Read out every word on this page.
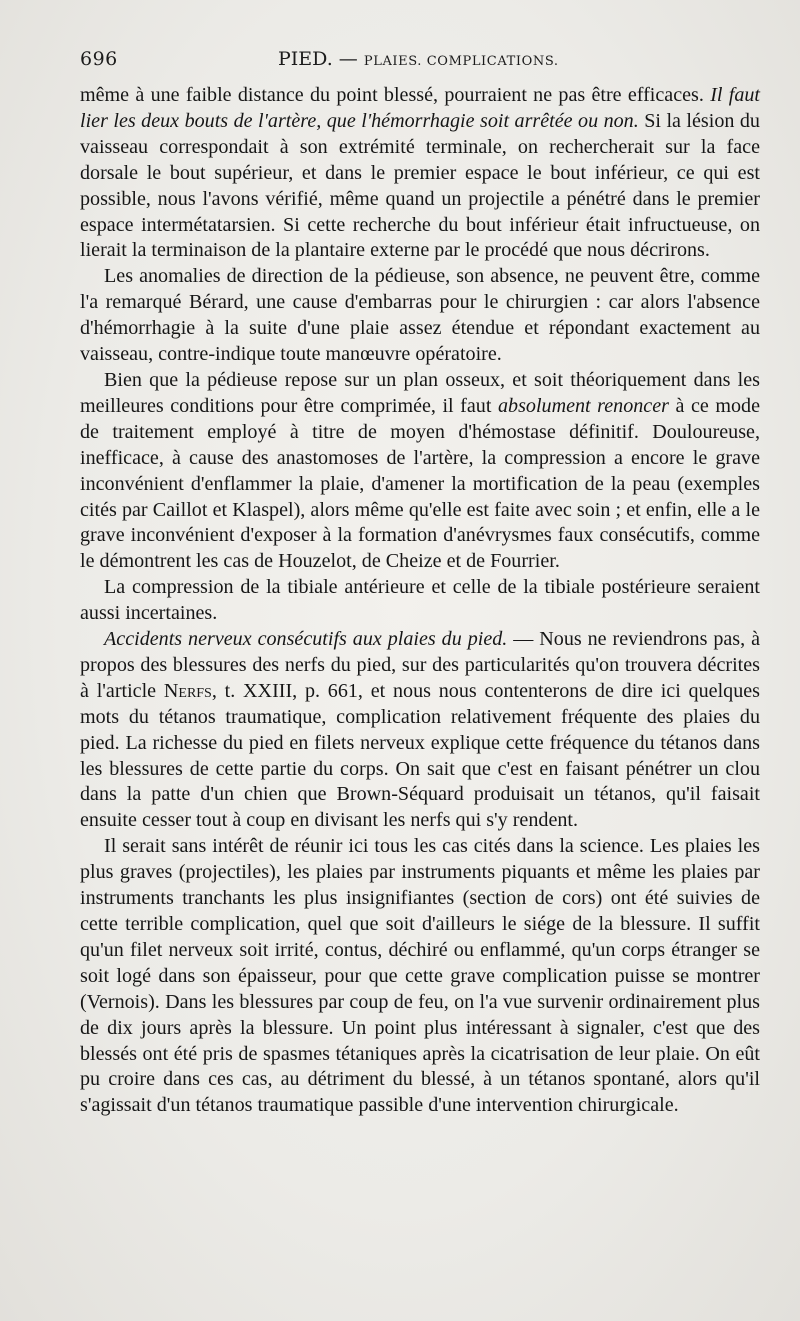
696	PIED. — PLAIES. COMPLICATIONS.

même à une faible distance du point blessé, pourraient ne pas être efficaces. Il faut lier les deux bouts de l'artère, que l'hémorrhagie soit arrêtée ou non. Si la lésion du vaisseau correspondait à son extrémité terminale, on rechercherait sur la face dorsale le bout supérieur, et dans le premier espace le bout inférieur, ce qui est possible, nous l'avons vérifié, même quand un projectile a pénétré dans le premier espace intermétatarsien. Si cette recherche du bout inférieur était infructueuse, on lierait la terminaison de la plantaire externe par le procédé que nous décrirons.

Les anomalies de direction de la pédieuse, son absence, ne peuvent être, comme l'a remarqué Bérard, une cause d'embarras pour le chirurgien : car alors l'absence d'hémorrhagie à la suite d'une plaie assez étendue et répondant exactement au vaisseau, contre-indique toute manœuvre opératoire.

Bien que la pédieuse repose sur un plan osseux, et soit théoriquement dans les meilleures conditions pour être comprimée, il faut absolument renoncer à ce mode de traitement employé à titre de moyen d'hémostase définitif. Douloureuse, inefficace, à cause des anastomoses de l'artère, la compression a encore le grave inconvénient d'enflammer la plaie, d'amener la mortification de la peau (exemples cités par Caillot et Klaspel), alors même qu'elle est faite avec soin ; et enfin, elle a le grave inconvénient d'exposer à la formation d'anévrysmes faux consécutifs, comme le démontrent les cas de Houzelot, de Cheize et de Fourrier.

La compression de la tibiale antérieure et celle de la tibiale postérieure seraient aussi incertaines.

Accidents nerveux consécutifs aux plaies du pied. — Nous ne reviendrons pas, à propos des blessures des nerfs du pied, sur des particularités qu'on trouvera décrites à l'article Nerfs, t. XXIII, p. 661, et nous nous contenterons de dire ici quelques mots du tétanos traumatique, complication relativement fréquente des plaies du pied. La richesse du pied en filets nerveux explique cette fréquence du tétanos dans les blessures de cette partie du corps. On sait que c'est en faisant pénétrer un clou dans la patte d'un chien que Brown-Séquard produisait un tétanos, qu'il faisait ensuite cesser tout à coup en divisant les nerfs qui s'y rendent.

Il serait sans intérêt de réunir ici tous les cas cités dans la science. Les plaies les plus graves (projectiles), les plaies par instruments piquants et même les plaies par instruments tranchants les plus insignifiantes (section de cors) ont été suivies de cette terrible complication, quel que soit d'ailleurs le siége de la blessure. Il suffit qu'un filet nerveux soit irrité, contus, déchiré ou enflammé, qu'un corps étranger se soit logé dans son épaisseur, pour que cette grave complication puisse se montrer (Vernois). Dans les blessures par coup de feu, on l'a vue survenir ordinairement plus de dix jours après la blessure. Un point plus intéressant à signaler, c'est que des blessés ont été pris de spasmes tétaniques après la cicatrisation de leur plaie. On eût pu croire dans ces cas, au détriment du blessé, à un tétanos spontané, alors qu'il s'agissait d'un tétanos traumatique passible d'une intervention chirurgicale.
